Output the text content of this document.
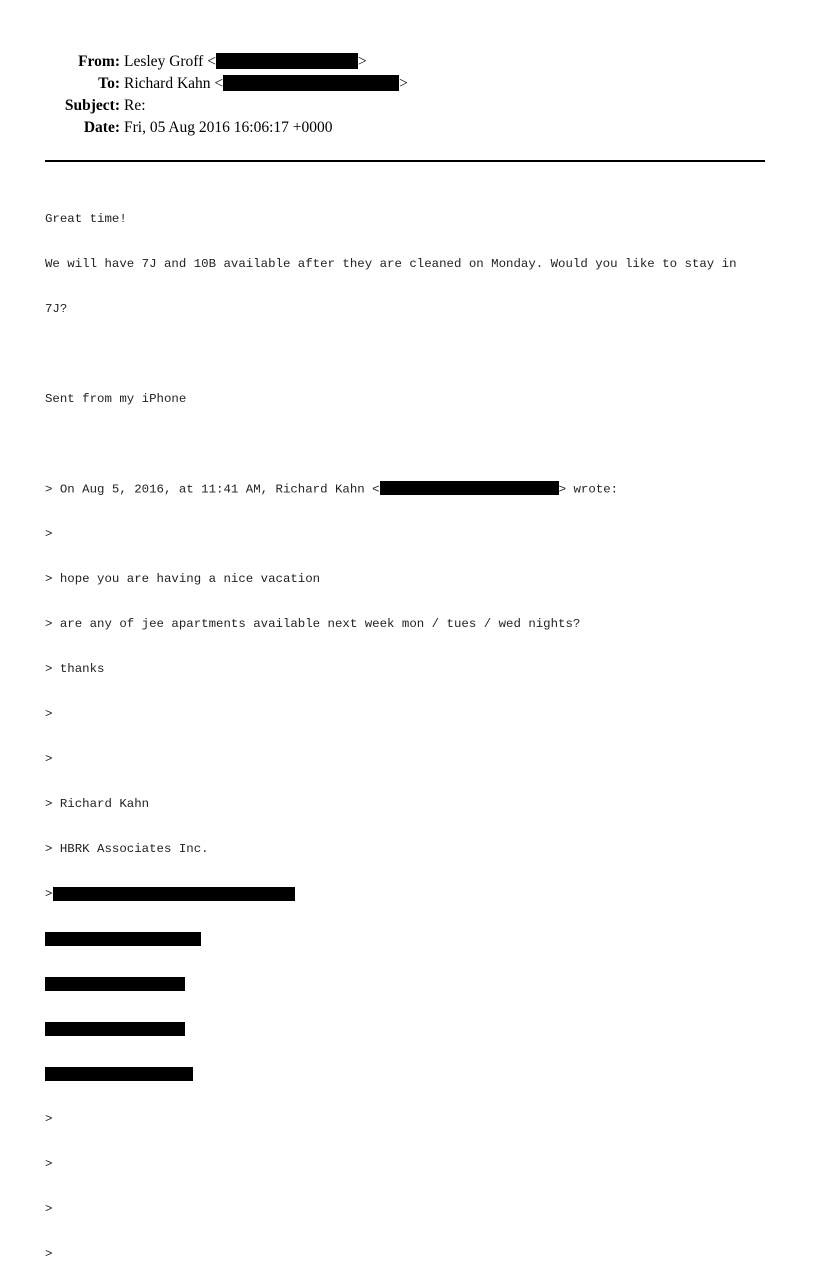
From: Lesley Groff <	>
To: Richard Kahn <	>
Subject: Re:
Date: Fri, 05 Aug 2016 16:06:17 +0000

Great time!

We will have 7J and 10B available after they are cleaned on Monday. Would you like to stay in

7J?

Sent from my iPhone

> On Aug 5, 2016, at 11:41 AM, Richard Kahn <	> wrote:

>

> hope you are having a nice vacation

> are any of jee apartments available next week mon / tues / wed nights?

> thanks

>

>

> Richard Kahn

> HBRK Associates Inc.

>

>

>

>

>
